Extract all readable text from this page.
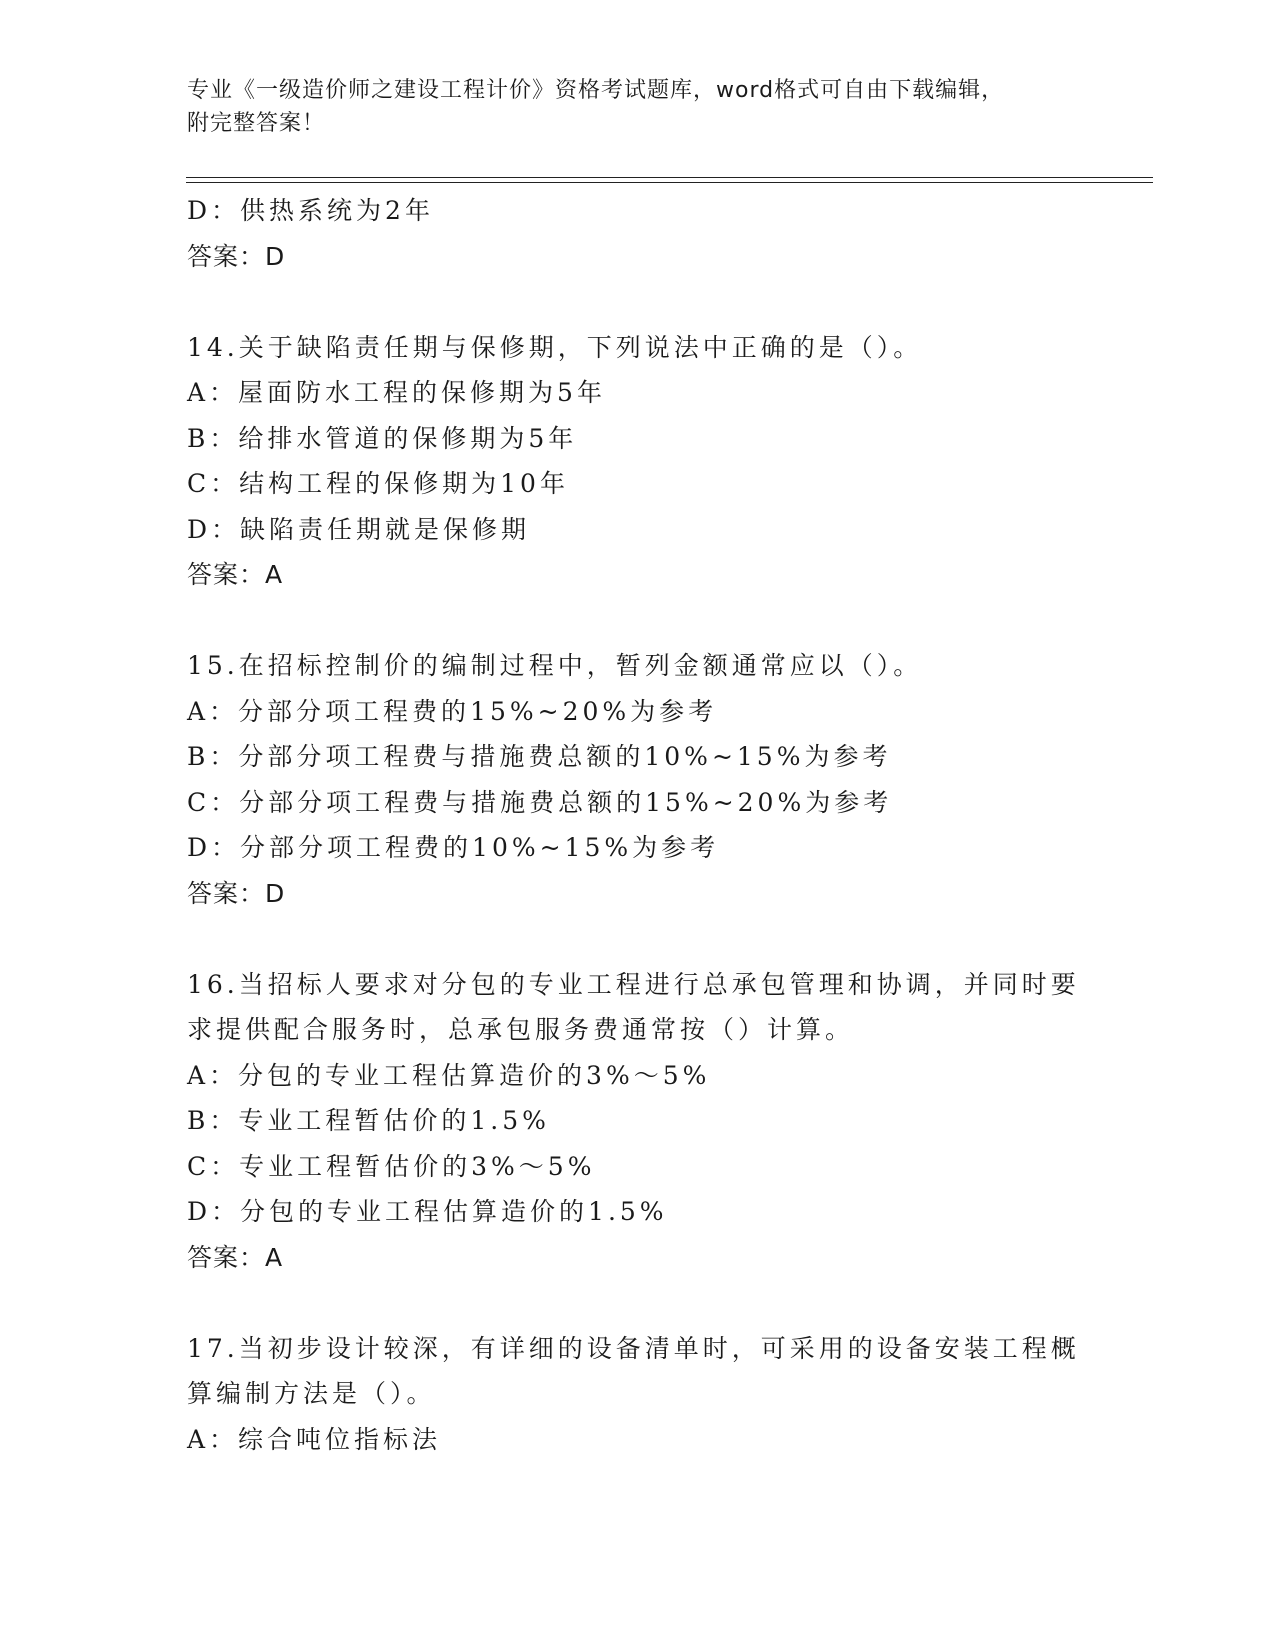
专业《一级造价师之建设工程计价》资格考试题库，word格式可自由下载编辑，
附完整答案！
D：供热系统为2年
答案：D
14.关于缺陷责任期与保修期，下列说法中正确的是（）。
A：屋面防水工程的保修期为5年
B：给排水管道的保修期为5年
C：结构工程的保修期为10年
D：缺陷责任期就是保修期
答案：A
15.在招标控制价的编制过程中，暂列金额通常应以（）。
A：分部分项工程费的15%~20%为参考
B：分部分项工程费与措施费总额的10%~15%为参考
C：分部分项工程费与措施费总额的15%~20%为参考
D：分部分项工程费的10%~15%为参考
答案：D
16.当招标人要求对分包的专业工程进行总承包管理和协调，并同时要
求提供配合服务时，总承包服务费通常按（）计算。
A：分包的专业工程估算造价的3%～5%
B：专业工程暂估价的1.5%
C：专业工程暂估价的3%～5%
D：分包的专业工程估算造价的1.5%
答案：A
17.当初步设计较深，有详细的设备清单时，可采用的设备安装工程概
算编制方法是（）。
A：综合吨位指标法
